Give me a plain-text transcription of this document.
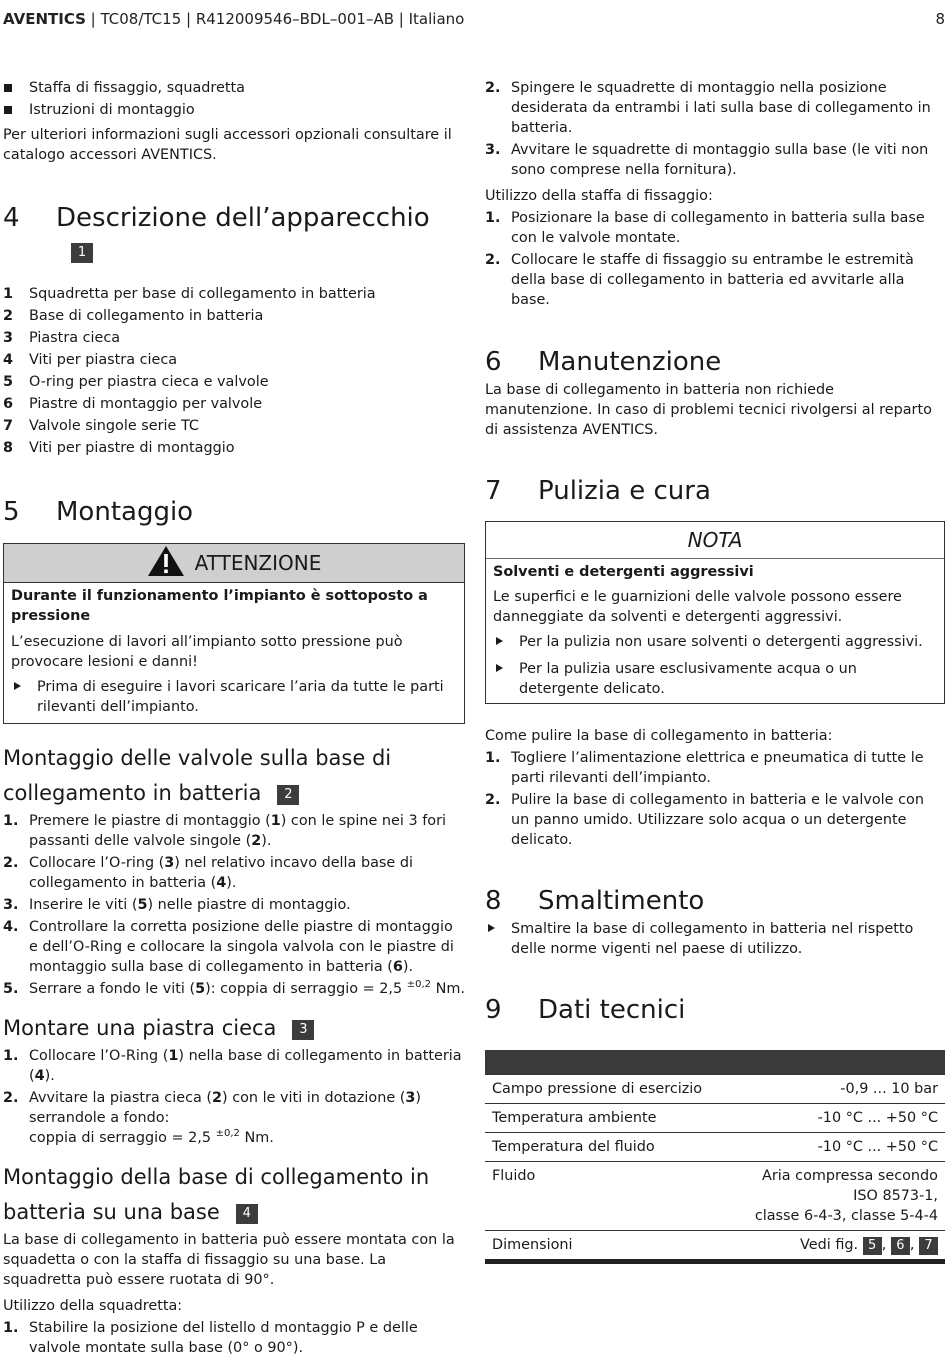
AVENTICS | TC08/TC15 | R412009546–BDL–001–AB | Italiano	8

Staffa di fissaggio, squadretta

Istruzioni di montaggio

Per ulteriori informazioni sugli accessori opzionali consultare il catalogo accessori AVENTICS.

4 Descrizione dell’apparecchio1

1 Squadretta per base di collegamento in batteria

2 Base di collegamento in batteria

3 Piastra cieca

4 Viti per piastra cieca

5 O-ring per piastra cieca e valvole

6 Piastre di montaggio per valvole

7 Valvole singole serie TC

8 Viti per piastre di montaggio

5 Montaggio
ATTENZIONE

Durante il funzionamento l’impianto è sottoposto a pressione

L’esecuzione di lavori all’impianto sotto pressione può provocare lesioni e danni!

Prima di eseguire i lavori scaricare l’aria da tutte le parti rilevanti dell’impianto.

Montaggio delle valvole sulla base di
collegamento in batteria 2

1. Premere le piastre di montaggio (1) con le spine nei 3 fori passanti delle valvole singole (2).

2. Collocare l’O-ring (3) nel relativo incavo della base di collegamento in batteria (4).

3. Inserire le viti (5) nelle piastre di montaggio.

4. Controllare la corretta posizione delle piastre di montaggio e dell’O-Ring e collocare la singola valvola con le piastre di montaggio sulla base di collegamento in batteria (6).

5. Serrare a fondo le viti (5): coppia di serraggio = 2,5 $^{\pm 0,2}$ Nm.

Montare una piastra cieca 3

1. Collocare l’O-Ring (1) nella base di collegamento in batteria (4).

2. Avvitare la piastra cieca (2) con le viti in dotazione (3) serrandole a fondo:
coppia di serraggio = 2,5 $^{\pm 0,2}$ Nm.

Montaggio della base di collegamento in
batteria su una base 4

La base di collegamento in batteria può essere montata con la squadetta o con la staffa di fissaggio su una base. La squadretta può essere ruotata di 90°.

Utilizzo della squadretta:

1. Stabilire la posizione del listello d montaggio P e delle valvole montate sulla base (0° o 90°).

2. Spingere le squadrette di montaggio nella posizione desiderata da entrambi i lati sulla base di collegamento in batteria.

3. Avvitare le squadrette di montaggio sulla base (le viti non sono comprese nella fornitura).

Utilizzo della staffa di fissaggio:

1. Posizionare la base di collegamento in batteria sulla base con le valvole montate.

2. Collocare le staffe di fissaggio su entrambe le estremità della base di collegamento in batteria ed avvitarle alla base.

6 Manutenzione

La base di collegamento in batteria non richiede manutenzione. In caso di problemi tecnici rivolgersi al reparto di assistenza AVENTICS.

7 Pulizia e cura
NOTA

Solventi e detergenti aggressivi

Le superfici e le guarnizioni delle valvole possono essere danneggiate da solventi e detergenti aggressivi.

Per la pulizia non usare solventi o detergenti aggressivi.

Per la pulizia usare esclusivamente acqua o un detergente delicato.

Come pulire la base di collegamento in batteria:

1. Togliere l’alimentazione elettrica e pneumatica di tutte le parti rilevanti dell’impianto.

2. Pulire la base di collegamento in batteria e le valvole con un panno umido. Utilizzare solo acqua o un detergente delicato.

8 Smaltimento

Smaltire la base di collegamento in batteria nel rispetto delle norme vigenti nel paese di utilizzo.

9 Dati tecnici

Campo pressione di esercizio	-0,9 ... 10 bar
Temperatura ambiente	-10 °C ... +50 °C
Temperatura del fluido	-10 °C ... +50 °C
Fluido	Aria compressa secondo
ISO 8573-1,
classe 6-4-3, classe 5-4-4
Dimensioni	Vedi fig. 5 , 6 , 7
